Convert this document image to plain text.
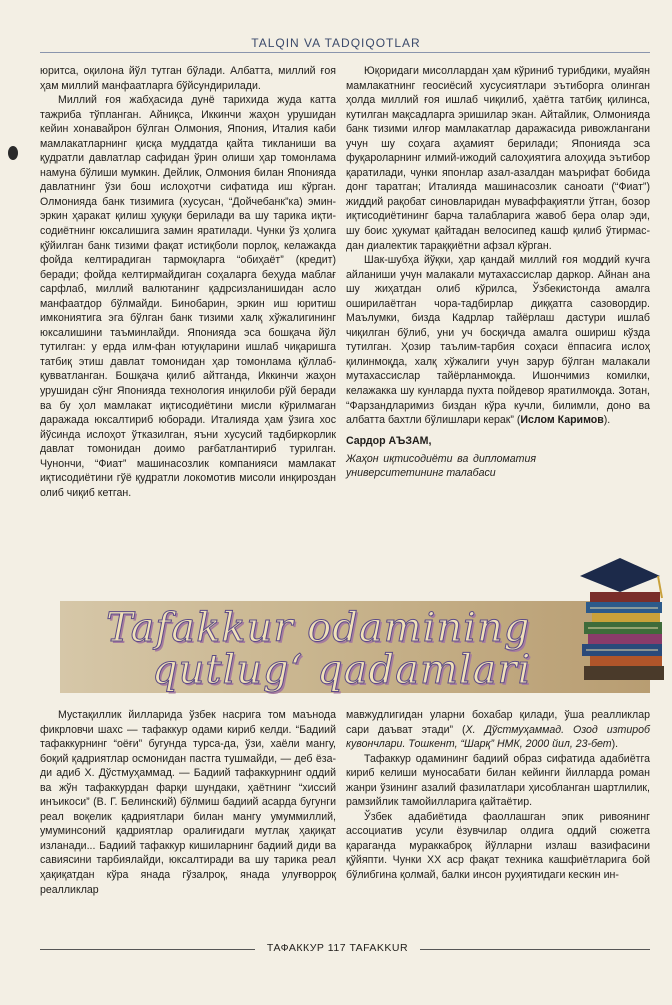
TALQIN VA TADQIQOTLAR

юритса, оқилона йўл тутган бўлади. Албатта, миллий ғоя ҳам миллий манфаатларга бўйсундирилади.

Миллий ғоя жабҳасида дунё тарихида жуда катта тажриба тўпланган. Айниқса, Иккинчи жаҳон урушидан кейин хонавайрон бўлган Олмония, Япония, Италия каби мамлакатларнинг қисқа муддатда қайта тикланиши ва қудратли давлатлар сафидан ўрин олиши ҳар томонлама намуна бўлиши мумкин. Дейлик, Олмония билан Японияда давлатнинг ўзи бош ислоҳотчи сифатида иш кўрган. Олмонияда банк тизимига (хусусан, “Дойчебанк”ка) эмин-эркин ҳаракат қилиш ҳуқуқи берилади ва шу тарика иқтисодиётнинг юксалишига замин яратилади. Чунки ўз ҳолига қўйилган банк тизими фақат истиқболи порлоқ, келажакда фойда келтирадиган тармоқларга “обиҳаёт” (кредит) беради; фойда келтирмайдиган соҳаларга беҳуда маблағ сарфлаб, миллий валютанинг қадрсизланишидан асло манфаатдор бўлмайди. Бинобарин, эркин иш юритиш имкониятига эга бўлган банк тизими халқ хўжалигининг юксалишини таъминлайди. Японияда эса бошқача йўл тутилган: у ерда илм-фан ютуқларини ишлаб чиқаришга татбиқ этиш давлат томонидан ҳар томонлама қўллаб-қувватланган. Бошқача қилиб айтганда, Иккинчи жаҳон урушидан сўнг Японияда технология инқилоби рўй беради ва бу ҳол мамлакат иқтисодиётини мисли кўрилмаган даражада юксалтириб юборади. Италияда ҳам ўзига хос йўсинда ислоҳот ўтказилган, яъни хусусий тадбиркорлик давлат томонидан доимо рағбатлантириб турилган. Чунончи, “Фиат” машинасозлик компанияси мамлакат иқтисодиётини гўё қудратли локомотив мисоли инқироздан олиб чиқиб кетган.

Юқоридаги мисоллардан ҳам кўриниб турибдики, муайян мамлакатнинг геосиёсий хусусиятлари эътиборга олинган ҳолда миллий ғоя ишлаб чиқилиб, ҳаётга татбиқ қилинса, кутилган мақсадларга эришилар экан. Айтайлик, Олмонияда банк тизими илғор мамлакатлар даражасида ривожлангани учун шу соҳага аҳамият берилади; Японияда эса фуқароларнинг илмий-ижодий салоҳиятига алоҳида эътибор қаратилади, чунки японлар азал-азалдан маърифат бобида донг таратган; Италияда машинасозлик саноати (“Фиат”) жиддий рақобат синовларидан муваффақиятли ўтган, бозор иқтисодиётининг барча талабларига жавоб бера олар эди, шу боис ҳукумат қайтадан велосипед кашф қилиб ўтирмасдан диалектик тараққиётни афзал кўрган.

Шак-шубҳа йўқки, ҳар қандай миллий ғоя моддий кучга айланиши учун малакали мутахассислар даркор. Айнан ана шу жиҳатдан олиб кўрилса, Ўзбекистонда амалга оширилаётган чора-тадбирлар диққатга сазовордир. Маълумки, бизда Кадрлар тайёрлаш дастури ишлаб чиқилган бўлиб, уни уч босқичда амалга ошириш кўзда тутилган. Ҳозир таълим-тарбия соҳаси ёппасига ислоҳ қилинмоқда, халқ хўжалиги учун зарур бўлган малакали мутахассислар тайёрланмоқда. Ишончимиз комилки, келажакка шу кунларда пухта пойдевор яратилмоқда. Зотан, “Фарзандларимиз биздан кўра кучли, билимли, доно ва албатта бахтли бўлишлари керак” (Ислом Каримов).

Сардор АЪЗАМ,

Жаҳон иқтисодиёти ва дипломатия университетининг талабаси

Tafakkur odamining
qutlug‘ qadamlari

Мустақиллик йилларида ўзбек насрига том маънода фикрловчи шахс — тафаккур одами кириб келди. “Бадиий тафаккурнинг “оёғи” бугунда турса-да, ўзи, хаёли мангу, боқий қадриятлар осмонидан пастга тушмайди, — деб ёзади адиб Х. Дўстмуҳаммад. — Бадиий тафаккурнинг оддий ва жўн тафаккурдан фарқи шундаки, ҳаётнинг “хиссий инъикоси” (В. Г. Белинский) бўлмиш бадиий асарда бугунги реал воқелик қадриятлари билан мангу умуммиллий, умуминсоний қадриятлар оралиғидаги мутлақ ҳақиқат изланади... Бадиий тафаккур кишиларнинг бадиий диди ва савиясини тарбиялайди, юксалтиради ва шу тарика реал ҳақиқатдан кўра янада гўзалроқ, янада улуғворроқ реалликлар

мавжудлигидан уларни бохабар қилади, ўша реалликлар сари даъват этади” (Х. Дўстмуҳаммад. Озод изтироб кувончлари. Тошкент, “Шарқ” НМК, 2000 йил, 23-бет).

Тафаккур одамининг бадиий образ сифатида адабиётга кириб келиши муносабати билан кейинги йилларда роман жанри ўзининг азалий фазилатлари ҳисобланган шартлилик, рамзийлик тамойилларига қайтаётир.

Ўзбек адабиётида фаоллашган эпик ривоянинг ассоциатив усули ёзувчилар олдига оддий сюжетга қараганда мураккаброқ йўлларни излаш вазифасини қўйяпти. Чунки ХХ аср фақат техника кашфиётларига бой бўлибгина қолмай, балки инсон руҳиятидаги кескин ин-

ТАФАККУР 117 TAFAKKUR
